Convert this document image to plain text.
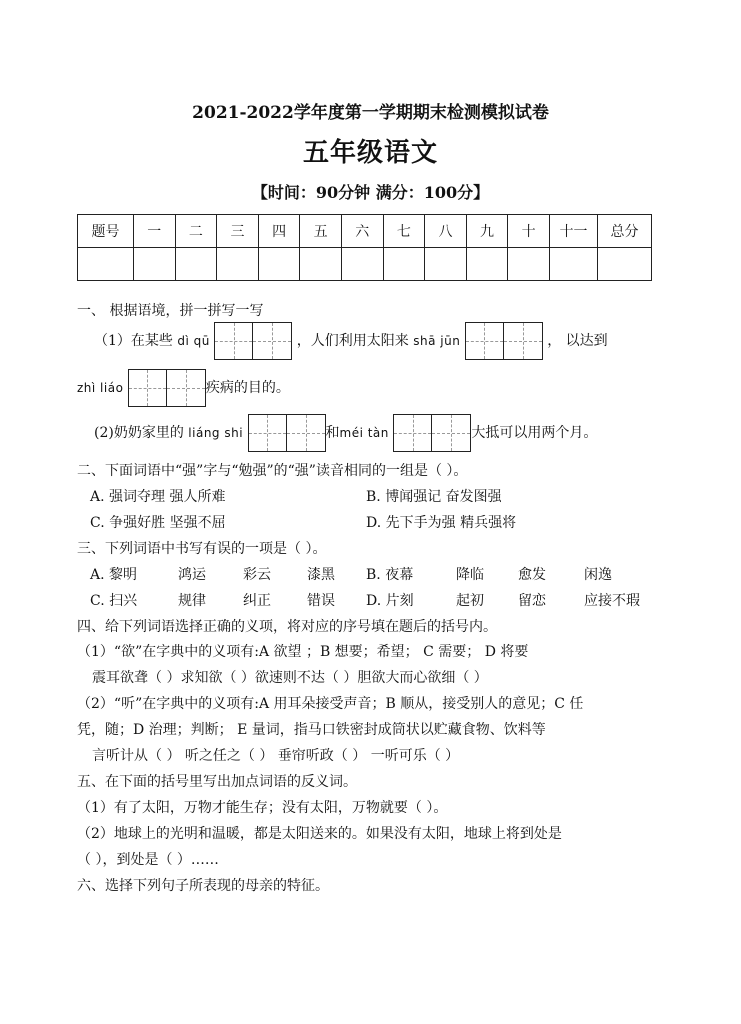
2021-2022学年度第一学期期末检测模拟试卷
五年级语文
【时间：90分钟 满分：100分】
题号	一	二	三	四	五	六	七	八	九	十	十一	总分

一、 根据语境，拼一拼写一写
（1）在某些 dì qū	，人们利用太阳来 shā jūn	， 以达到
zhì liáo	疾病的目的。
(2)奶奶家里的 liáng shi	和méi tàn	大抵可以用两个月。
二、下面词语中“强”字与“勉强”的“强”读音相同的一组是（ ）。
A. 强词夺理 强人所难	B. 博闻强记 奋发图强
C. 争强好胜 坚强不屈	D. 先下手为强 精兵强将
三、下列词语中书写有误的一项是（ ）。
A. 黎明	鸿运	彩云	漆黑 B. 夜幕	降临 愈发	闲逸
C. 扫兴	规律	纠正	错误 D. 片刻	起初 留恋	应接不瑕
四、给下列词语选择正确的义项，将对应的序号填在题后的括号内。
（1）“欲”在字典中的义项有:A 欲望 ；B 想要；希望； C 需要； D 将要
震耳欲聋（ ）求知欲（ ）欲速则不达（ ）胆欲大而心欲细（ ）
（2）“听”在字典中的义项有:A 用耳朵接受声音；B 顺从，接受别人的意见；C 任
凭，随；D 治理；判断； E 量词，指马口铁密封成筒状以贮藏食物、饮料等
言听计从（ ） 听之任之（ ） 垂帘听政（ ） 一听可乐（ ）
五、在下面的括号里写出加点词语的反义词。
（1）有了太阳，万物才能生存；没有太阳，万物就要（ ）。
（2）地球上的光明和温暖，都是太阳送来的。如果没有太阳，地球上将到处是
（ ），到处是（ ）……
六、选择下列句子所表现的母亲的特征。
